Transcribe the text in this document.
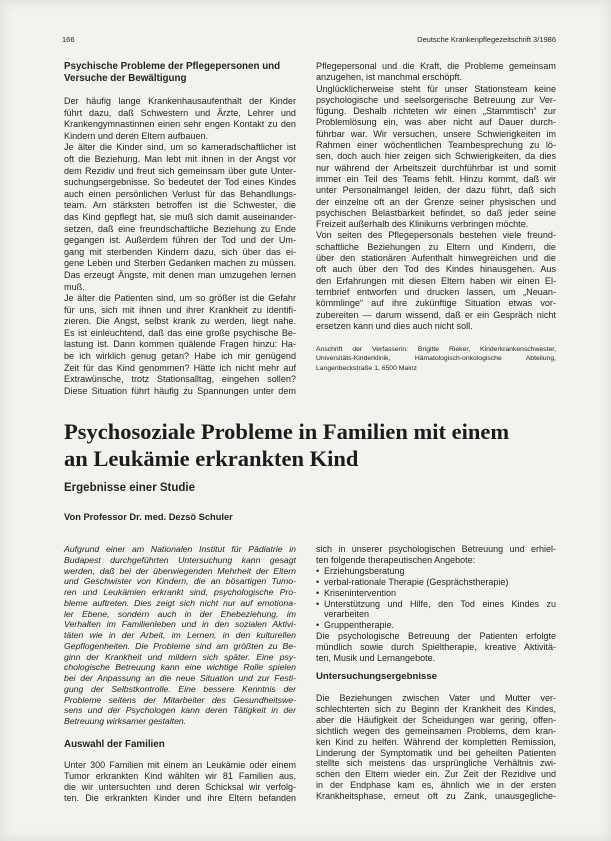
166	Deutsche Krankenpflegezeitschrift 3/1986
Psychische Probleme der Pflegepersonen und
Versuche der Bewältigung
Der häufig lange Krankenhausaufenthalt der Kinder
führt dazu, daß Schwestern und Ärzte, Lehrer und
Krankengymnastinnen einen sehr engen Kontakt zu den
Kindern und deren Eltern aufbauen.
Je älter die Kinder sind, um so kameradschaftlicher ist
oft die Beziehung. Man lebt mit ihnen in der Angst vor
dem Rezidiv und freut sich gemeinsam über gute Unter-
suchungsergebnisse. So bedeutet der Tod eines Kindes
auch einen persönlichen Verlust für das Behandlungs-
team. Am stärksten betroffen ist die Schwester, die
das Kind gepflegt hat, sie muß sich damit auseinander-
setzen, daß eine freundschaftliche Beziehung zu Ende
gegangen ist. Außerdem führen der Tod und der Um-
gang mit sterbenden Kindern dazu, sich über das ei-
gene Leben und Sterben Gedanken machen zu müssen.
Das erzeugt Ängste, mit denen man umzugehen lernen
muß.
Je älter die Patienten sind, um so größer ist die Gefahr
für uns, sich mit ihnen und ihrer Krankheit zu identifi-
zieren. Die Angst, selbst krank zu werden, liegt nahe.
Es ist einleuchtend, daß das eine große psychische Be-
lastung ist. Dann kommen quälende Fragen hinzu: Ha-
be ich wirklich genug getan? Habe ich mir genügend
Zeit für das Kind genommen? Hätte ich nicht mehr auf
Extrawünsche, trotz Stationsalltag, eingehen sollen?
Diese Situation führt häufig zu Spannungen unter dem
Pflegepersonal und die Kraft, die Probleme gemeinsam
anzugehen, ist manchmal erschöpft.
Unglücklicherweise steht für unser Stationsteam keine
psychologische und seelsorgerische Betreuung zur Ver-
fügung. Deshalb richteten wir einen „Stammtisch“ zur
Problemlösung ein, was aber nicht auf Dauer durch-
führbar war. Wir versuchen, unsere Schwierigkeiten im
Rahmen einer wöchentlichen Teambesprechung zu lö-
sen, doch auch hier zeigen sich Schwierigkeiten, da dies
nur während der Arbeitszeit durchführbar ist und somit
immer ein Teil des Teams fehlt. Hinzu kommt, daß wir
unter Personalmangel leiden, der dazu führt, daß sich
der einzelne oft an der Grenze seiner physischen und
psychischen Belastbarkeit befindet, so daß jeder seine
Freizeit außerhalb des Klinikums verbringen möchte.
Von seiten des Pflegepersonals bestehen viele freund-
schaftliche Beziehungen zu Eltern und Kindern, die
über den stationären Aufenthalt hinwegreichen und die
oft auch über den Tod des Kindes hinausgehen. Aus
den Erfahrungen mit diesen Eltern haben wir einen El-
ternbrief entworfen und drucken lassen, um „Neuan-
kömmlinge“ auf ihre zukünftige Situation etwas vor-
zubereiten — darum wissend, daß er ein Gespräch nicht
ersetzen kann und dies auch nicht soll.
Anschrift der Verfasserin: Brigitte Rieker, Kinderkrankenschwester,
Universitäts-Kinderklinik, Hämatologisch-onkologische Abteilung,
Langenbeckstraße 1, 6500 Mainz
Psychosoziale Probleme in Familien mit einem
an Leukämie erkrankten Kind
Ergebnisse einer Studie
Von Professor Dr. med. Dezsö Schuler
Aufgrund einer am Nationalen Institut für Pädiatrie in
Budapest durchgeführten Untersuchung kann gesagt
werden, daß bei der überwiegenden Mehrheit der Eltern
und Geschwister von Kindern, die an bösartigen Tumo-
ren und Leukämien erkrankt sind, psychologische Pro-
bleme auftreten. Dies zeigt sich nicht nur auf emotiona-
ler Ebene, sondern auch in der Ehebeziehung, im
Verhalten im Familienleben und in den sozialen Aktivi-
täten wie in der Arbeit, im Lernen, in den kulturellen
Gepflogenheiten. Die Probleme sind am größten zu Be-
ginn der Krankheit und mildern sich später. Eine psy-
chologische Betreuung kann eine wichtige Rolle spielen
bei der Anpassung an die neue Situation und zur Festi-
gung der Selbstkontrolle. Eine bessere Kenntnis der
Probleme seitens der Mitarbeiter des Gesundheitswe-
sens und der Psychologen kann deren Tätigkeit in der
Betreuung wirksamer gestalten.
Auswahl der Familien
Unter 300 Familien mit einem an Leukämie oder einem
Tumor erkrankten Kind wählten wir 81 Familien aus,
die wir untersuchten und deren Schicksal wir verfolg-
ten. Die erkrankten Kinder und ihre Eltern befanden
sich in unserer psychologischen Betreuung und erhiel-
ten folgende therapeutischen Angebote:
• Erziehungsberatung
• verbal-rationale Therapie (Gesprächstherapie)
• Krisenintervention
• Unterstützung und Hilfe, den Tod eines Kindes zu
verarbeiten
• Gruppentherapie.
Die psychologische Betreuung der Patienten erfolgte
mündlich sowie durch Spieltherapie, kreative Aktivitä-
ten, Musik und Lernangebote.
Untersuchungsergebnisse
Die Beziehungen zwischen Vater und Mutter ver-
schlechterten sich zu Beginn der Krankheit des Kindes,
aber die Häufigkeit der Scheidungen war gering, offen-
sichtlich wegen des gemeinsamen Problems, dem kran-
ken Kind zu helfen. Während der kompletten Remission,
Linderung der Symptomatik und bei geheilten Patienten
stellte sich meistens das ursprüngliche Verhältnis zwi-
schen den Eltern wieder ein. Zur Zeit der Rezidive und
in der Endphase kam es, ähnlich wie in der ersten
Krankheitsphase, erneut oft zu Zank, unausgegliche-
